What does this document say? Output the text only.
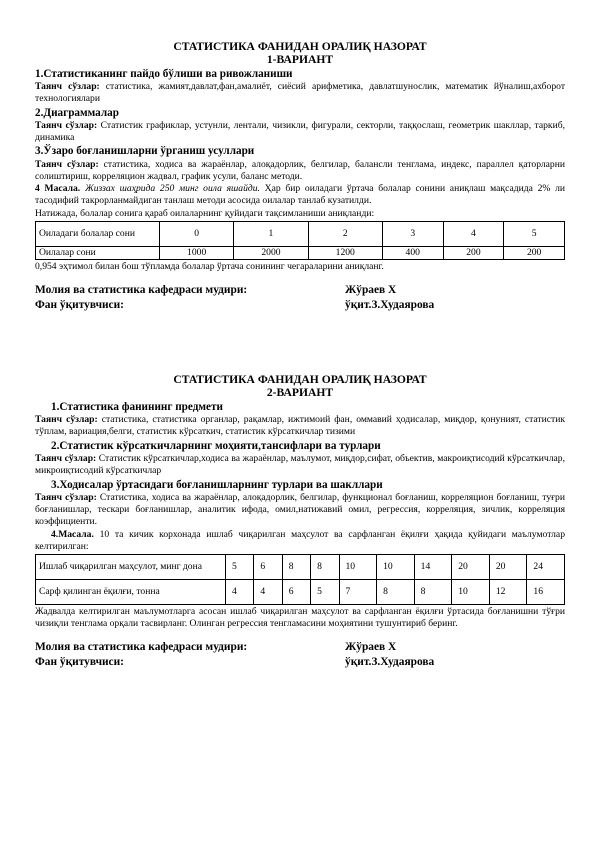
СТАТИСТИКА ФАНИДАН ОРАЛИҚ НАЗОРАТ
1-ВАРИАНТ
1.Статистиканинг пайдо бўлиши ва ривожланиши

Таянч сўзлар: статистика, жамият,давлат,фан,амалиёт, сиёсий арифметика, давлатшунослик, математик йўналиш,ахборот технологиялари

2.Диаграммалар

Таянч сўзлар: Статистик графиклар, устунли, лентали, чизикли, фигурали, секторли, таққослаш, геометрик шакллар, таркиб, динамика

3.Ўзаро боғланишларни ўрганиш усуллари

Таянч сўзлар: статистика, ходиса ва жараёнлар, алоқадорлик, белгилар, балансли тенглама, индекс, параллел қаторларни солиштириш, корреляцион жадвал, график усули, баланс методи.

4 Масала. Жиззах шаҳрида 250 минг оила яшайди. Ҳар бир оиладаги ўртача болалар сонини аниқлаш мақсадида 2% ли тасодифий такрорланмайдиган танлаш методи асосида оилалар танлаб кузатилди.

Натижада, болалар сонига қараб оилаларнинг қуйидаги тақсимланиши аниқланди:

Оиладаги болалар сони	0	1	2	3	4	5
Оилалар сони	1000	2000	1200	400	200	200

0,954 эҳтимол билан бош тўпламда болалар ўртача сонининг чегараларини аниқланг.

Молия ва статистика кафедраси мудири:	Жўраев Х
Фан ўқитувчиси:	ўқит.З.Худаярова
СТАТИСТИКА ФАНИДАН ОРАЛИҚ НАЗОРАТ
2-ВАРИАНТ
1.Статистика фанининг предмети

Таянч сўзлар: статистика, статистика органлар, рақамлар, ижтимоий фан, оммавий ҳодисалар, миқдор, қонуният, статистик тўплам, вариация,белги, статистик кўрсаткич, статистик кўрсаткичлар тизими

2.Статистик кўрсаткичларнинг моҳияти,тансифлари ва турлари

Таянч сўзлар: Статистик кўрсаткичлар,ходиса ва жараёнлар, маълумот, миқдор,сифат, объектив, макроиқтисодий кўрсаткичлар, микроиқтисодий кўрсаткичлар

3.Ходисалар ўртасидаги боғланишларнинг турлари ва шакллари

Таянч сўзлар: Статистика, ходиса ва жараёнлар, алоқадорлик, белгилар, функционал боғланиш, корреляцион боғланиш, туғри боғланишлар, тескари боғланишлар, аналитик ифода, омил,натижавий омил, регрессия, корреляция, зичлик, корреляция коэффициенти.

4.Масала. 10 та кичик корхонада ишлаб чиқарилган маҳсулот ва сарфланган ёқилғи ҳақида қуйидаги маълумотлар келтирилган:

Ишлаб чиқарилган маҳсулот, минг дона	5	6	8	8	10	10	14	20	20	24
Сарф қилинган ёқилғи, тонна	4	4	6	5	7	8	8	10	12	16

Жадвалда келтирилган маълумотларга асосан ишлаб чиқарилган маҳсулот ва сарфланган ёқилғи ўртасида боғланишни тўғри чизиқли тенглама орқали тасвирланг. Олинган регрессия тенгламасини моҳиятини тушунтириб беринг.

Молия ва статистика кафедраси мудири:	Жўраев Х
Фан ўқитувчиси:	ўқит.З.Худаярова
